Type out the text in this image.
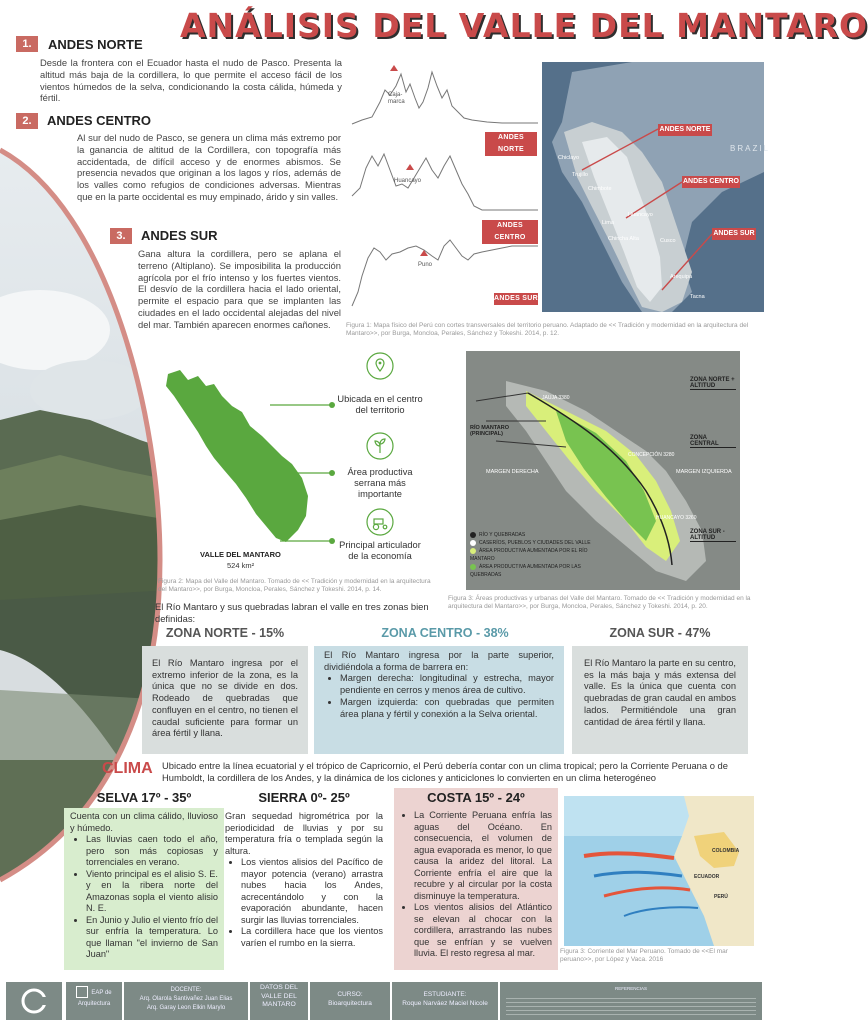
ANÁLISIS DEL VALLE DEL MANTARO
1.	ANDES NORTE
Desde la frontera con el Ecuador hasta el nudo de Pasco. Presenta la altitud más baja de la cordillera, lo que permite el acceso fácil de los vientos húmedos de la selva, condicionando la costa cálida, húmeda y fértil.
2.	ANDES CENTRO
Al sur del nudo de Pasco, se genera un clima más extremo por la ganancia de altitud de la Cordillera, con topografía más accidentada, de difícil acceso y de enormes abismos. Se presencia nevados que originan a los lagos y ríos, además de los valles como refugios de condiciones adversas. Mientras que en la parte occidental es muy empinado, árido y sin valles.
3.	ANDES SUR
Gana altura la cordillera, pero se aplana el terreno (Altiplano). Se imposibilita la producción agrícola por el frío intenso y los fuertes vientos. El desvío de la cordillera hacia el lado oriental, permite el espacio para que se implanten las ciudades en el lado occidental alejadas del nivel del mar. También aparecen enormes cañones.
Caja-
marca
ANDES NORTE
Huancayo
ANDES CENTRO
Puno
ANDES SUR
ANDES NORTE
ANDES CENTRO
ANDES SUR
BRAZIL
Chiclayo
Trujillo
Chimbote
Lima
Huancayo
Chincha Alta	Cusco
Arequipa
Tacna
Figura 1: Mapa físico del Perú con cortes transversales del territorio peruano. Adaptado de << Tradición y modernidad en la arquitectura del Mantaro>>, por Burga, Moncloa, Perales, Sánchez y Tokeshi. 2014, p. 12.
VALLE DEL MANTARO
524 km²
Ubicada en el centro del territorio
Área productiva serrana más importante
Principal articulador de la economía
Figura 2: Mapa del Valle del Mantaro. Tomado de << Tradición y modernidad en la arquitectura del Mantaro>>, por Burga, Moncloa, Perales, Sánchez y Tokeshi. 2014, p. 14.
ZONA NORTE + ALTITUD
ZONA CENTRAL
ZONA SUR - ALTITUD
RÍO MANTARO (PRINCIPAL)
MARGEN DERECHA	MARGEN IZQUIERDA
JAUJA 3380
CONCEPCIÓN 3280
HUANCAYO 3260
RÍO Y QUEBRADAS
CASERÍOS, PUEBLOS Y CIUDADES DEL VALLE
ÁREA PRODUCTIVA AUMENTADA POR EL RÍO MANTARO
ÁREA PRODUCTIVA AUMENTADA POR LAS QUEBRADAS
Figura 3: Áreas productivas y urbanas del Valle del Mantaro. Tomado de << Tradición y modernidad en la arquitectura del Mantaro>>, por Burga, Moncloa, Perales, Sánchez y Tokeshi. 2014, p. 20.
El Río Mantaro y sus quebradas labran el valle en tres zonas bien definidas:
ZONA NORTE - 15%	ZONA CENTRO - 38%	ZONA SUR - 47%
El Río Mantaro ingresa por el extremo inferior de la zona, es la única que no se divide en dos. Rodeado de quebradas que confluyen en el centro, no tienen el caudal suficiente para formar un área fértil y llana.
El Río Mantaro ingresa por la parte superior, dividiéndola a forma de barrera en:
• Margen derecha: longitudinal y estrecha, mayor pendiente en cerros y menos área de cultivo.
• Margen izquierda: con quebradas que permiten área plana y fértil y conexión a la Selva oriental.
El Río Mantaro la parte en su centro, es la más baja y más extensa del valle. Es la única que cuenta con quebradas de gran caudal en ambos lados. Permitiéndole una gran cantidad de área fértil y llana.
CLIMA Ubicado entre la línea ecuatorial y el trópico de Capricornio, el Perú debería contar con un clima tropical; pero la Corriente Peruana o de Humboldt, la cordillera de los Andes, y la dinámica de los ciclones y anticiclones lo convierten en un clima heterogéneo
SELVA 17º - 35º
Cuenta con un clima cálido, lluvioso y húmedo.
• Las lluvias caen todo el año, pero son más copiosas y torrenciales en verano.
• Viento principal es el alisio S. E. y en la ribera norte del Amazonas sopla el viento alisio N. E.
• En Junio y Julio el viento frío del sur enfría la temperatura. Lo que llaman "el invierno de San Juan"
SIERRA 0º- 25º
Gran sequedad higrométrica por la periodicidad de lluvias y por su temperatura fría o templada según la altura.
• Los vientos alisios del Pacífico de mayor potencia (verano) arrastra nubes hacia los Andes, acrecentándolo y con la evaporación abundante, hacen surgir las lluvias torrenciales.
• La cordillera hace que los vientos varíen el rumbo en la sierra.
• La Corriente Peruana enfría las aguas del Océano. En consecuencia, el volumen de agua evaporada es menor, lo que causa la aridez del litoral. La Corriente enfría el aire que la recubre y al circular por la costa disminuye la temperatura.
• Los vientos alisios del Atlántico se elevan al chocar con la cordillera, arrastrando las nubes que se enfrían y se vuelven lluvia. El resto regresa al mar.
COSTA 15º - 24º
COLOMBIA
ECUADOR
PERÚ
Figura 3: Corriente del Mar Peruano. Tomado de <<El mar peruano>>, por López y Vaca. 2016
EAP de Arquitectura
DOCENTE:
Arq. Olarola Santivañez Juan Elias
Arq. Garay Leon Elkin Marylo
DATOS DEL VALLE DEL MANTARO
CURSO:
Bioarquitectura
ESTUDIANTE:
Roque Narváez Maciel Nicole
REFERENCIAS
